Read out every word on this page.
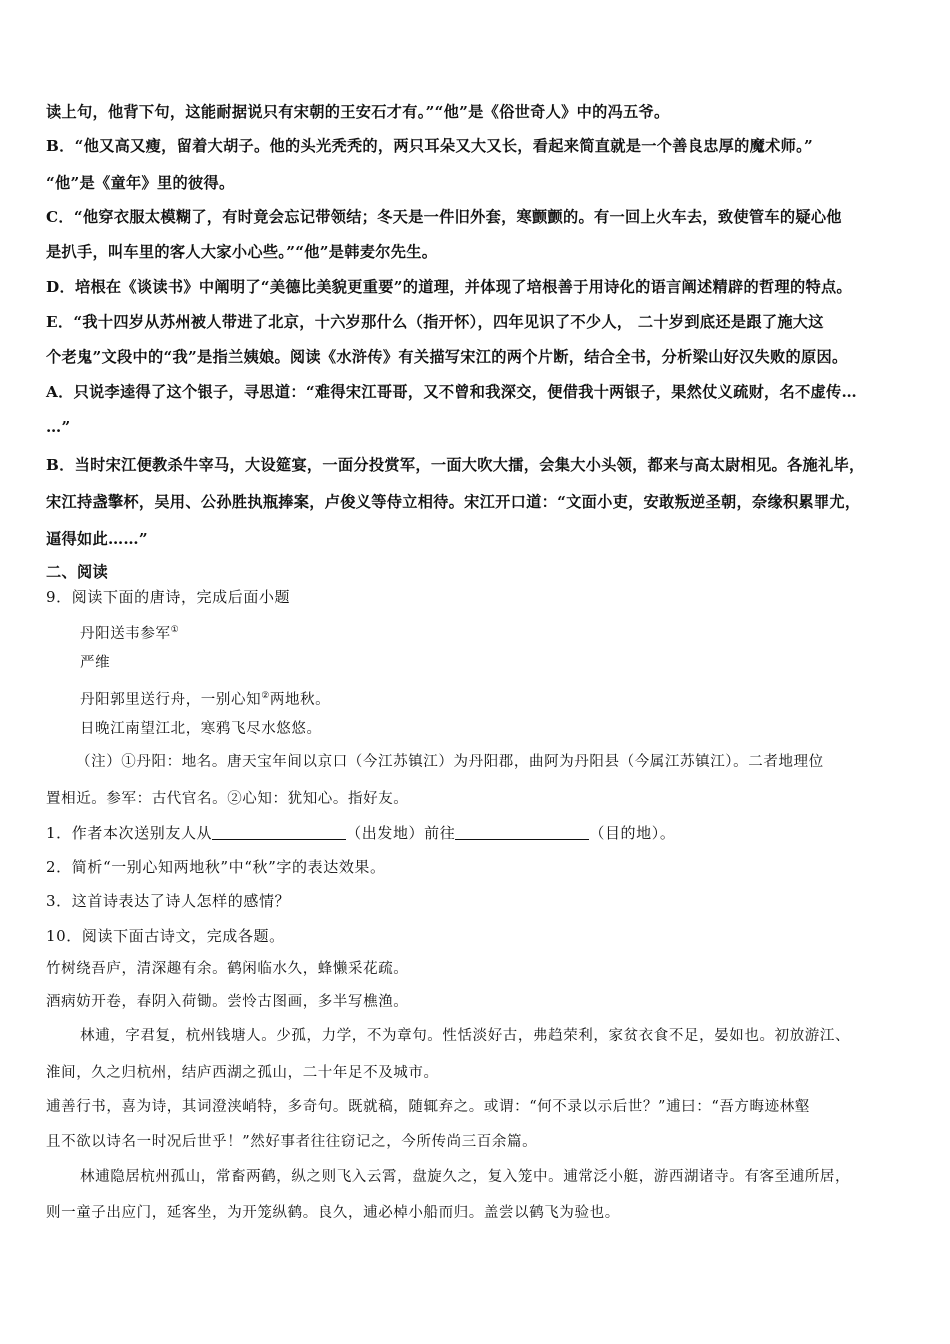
读上句，他背下句，这能耐据说只有宋朝的王安石才有。”“他”是《俗世奇人》中的冯五爷。
B．“他又高又瘦，留着大胡子。他的头光秃秃的，两只耳朵又大又长，看起来简直就是一个善良忠厚的魔术师。”
“他”是《童年》里的彼得。
C．“他穿衣服太模糊了，有时竟会忘记带领结；冬天是一件旧外套，寒颤颤的。有一回上火车去，致使管车的疑心他
是扒手，叫车里的客人大家小心些。”“他”是韩麦尔先生。
D．培根在《谈读书》中阐明了“美德比美貌更重要”的道理，并体现了培根善于用诗化的语言阐述精辟的哲理的特点。
E．“我十四岁从苏州被人带进了北京，十六岁那什么（指开怀），四年见识了不少人， 二十岁到底还是跟了施大这
个老鬼”文段中的“我”是指兰姨娘。阅读《水浒传》有关描写宋江的两个片断，结合全书，分析梁山好汉失败的原因。
A．只说李逵得了这个银子，寻思道：“难得宋江哥哥，又不曾和我深交，便借我十两银子，果然仗义疏财，名不虚传…
…”
B．当时宋江便教杀牛宰马，大设筵宴，一面分投赏军，一面大吹大擂，会集大小头领，都来与高太尉相见。各施礼毕，
宋江持盏擎杯，吴用、公孙胜执瓶捧案，卢俊义等侍立相待。宋江开口道：“文面小吏，安敢叛逆圣朝，奈缘积累罪尤，
逼得如此……”
二、阅读
9．阅读下面的唐诗，完成后面小题
丹阳送韦参军①
严维
丹阳郭里送行舟，一别心知②两地秋。
日晚江南望江北，寒鸦飞尽水悠悠。
（注）①丹阳：地名。唐天宝年间以京口（今江苏镇江）为丹阳郡，曲阿为丹阳县（今属江苏镇江）。二者地理位
置相近。参军：古代官名。②心知：犹知心。指好友。
1．作者本次送别友人从	（出发地）前往	（目的地）。
2．简析“一别心知两地秋”中“秋”字的表达效果。
3．这首诗表达了诗人怎样的感情？
10．阅读下面古诗文，完成各题。
竹树绕吾庐，清深趣有余。鹤闲临水久，蜂懒采花疏。
酒病妨开卷，春阴入荷锄。尝怜古图画，多半写樵渔。
林逋，字君复，杭州钱塘人。少孤，力学，不为章句。性恬淡好古，弗趋荣利，家贫衣食不足，晏如也。初放游江、
淮间，久之归杭州，结庐西湖之孤山，二十年足不及城市。
逋善行书，喜为诗，其词澄浃峭特，多奇句。既就稿，随辄弃之。或谓：“何不录以示后世？”逋曰：“吾方晦迹林壑
且不欲以诗名一时况后世乎！”然好事者往往窃记之，今所传尚三百余篇。
林逋隐居杭州孤山，常畜两鹤，纵之则飞入云霄，盘旋久之，复入笼中。逋常泛小艇，游西湖诸寺。有客至逋所居，
则一童子出应门，延客坐，为开笼纵鹤。良久，逋必棹小船而归。盖尝以鹤飞为验也。
